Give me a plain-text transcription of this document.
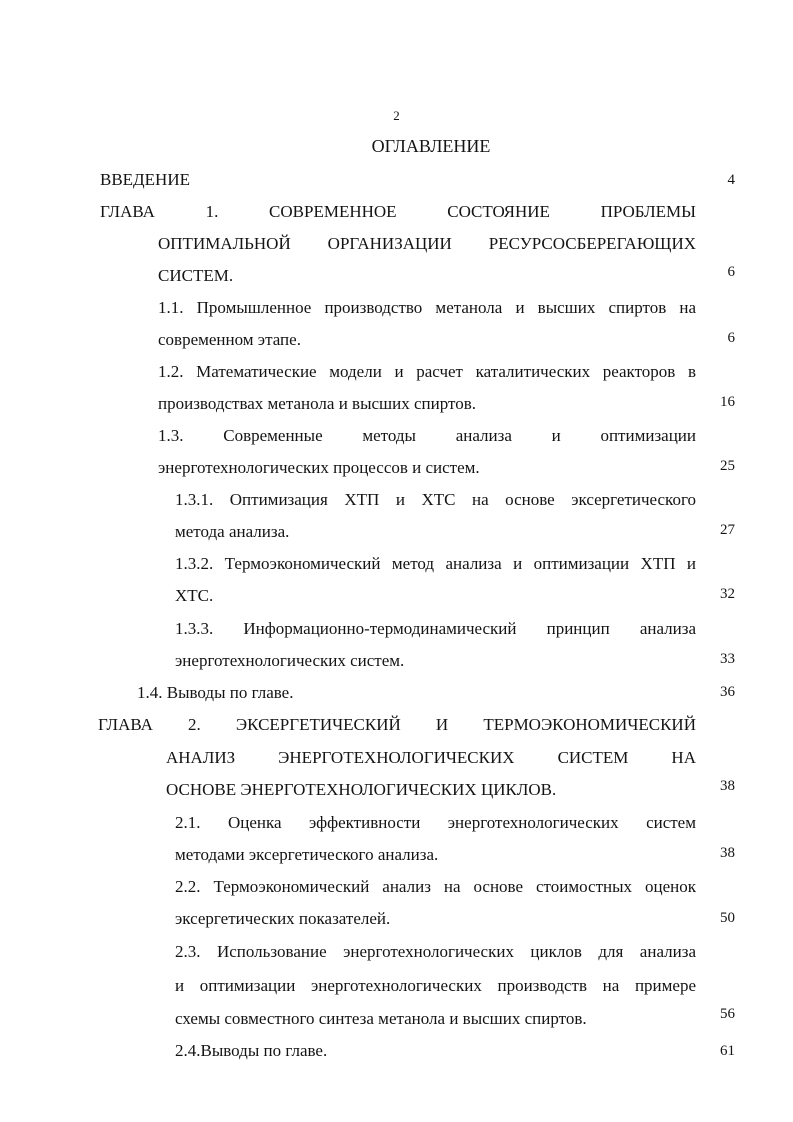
2
ОГЛАВЛЕНИЕ
ВВЕДЕНИЕ	4
ГЛАВА 1. СОВРЕМЕННОЕ СОСТОЯНИЕ ПРОБЛЕМЫ
ОПТИМАЛЬНОЙ ОРГАНИЗАЦИИ РЕСУРСОСБЕРЕГАЮЩИХ
СИСТЕМ.	6
1.1. Промышленное производство метанола и высших спиртов на
современном этапе.	6
1.2. Математические модели и расчет каталитических реакторов в
производствах метанола и высших спиртов.	16
1.3. Современные методы анализа и оптимизации
энерготехнологических процессов и систем.	25
1.3.1. Оптимизация ХТП и ХТС на основе эксергетического
метода анализа.	27
1.3.2. Термоэкономический метод анализа и оптимизации ХТП и
ХТС.	32
1.3.3. Информационно-термодинамический принцип анализа
энерготехнологических систем.	33
1.4. Выводы по главе.	36
ГЛАВА 2. ЭКСЕРГЕТИЧЕСКИЙ И ТЕРМОЭКОНОМИЧЕСКИЙ
АНАЛИЗ ЭНЕРГОТЕХНОЛОГИЧЕСКИХ СИСТЕМ НА
ОСНОВЕ ЭНЕРГОТЕХНОЛОГИЧЕСКИХ ЦИКЛОВ.	38
2.1. Оценка эффективности энерготехнологических систем
методами эксергетического анализа.	38
2.2. Термоэкономический анализ на основе стоимостных оценок
эксергетических показателей.	50
2.3. Использование энерготехнологических циклов для анализа
и оптимизации энерготехнологических производств на примере
схемы совместного синтеза метанола и высших спиртов.	56
2.4.Выводы по главе.	61
